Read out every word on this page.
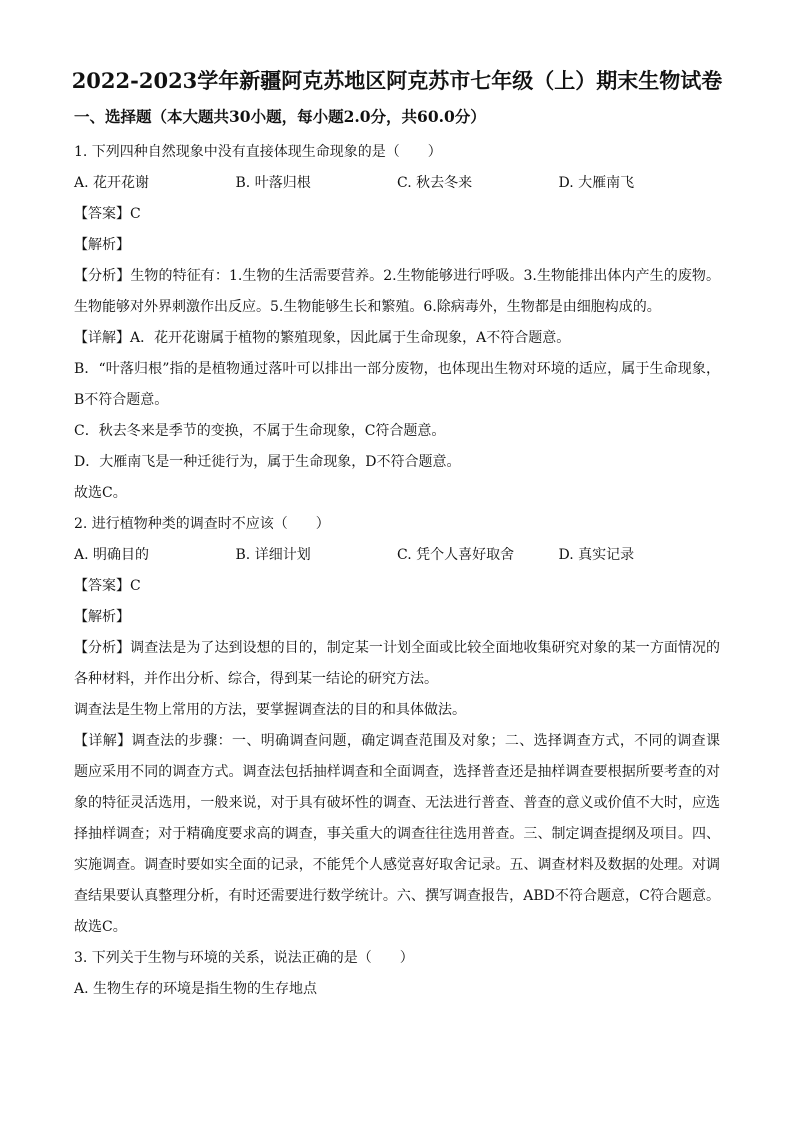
2022-2023学年新疆阿克苏地区阿克苏市七年级（上）期末生物试卷
一、选择题（本大题共30小题，每小题2.0分，共60.0分）
1. 下列四种自然现象中没有直接体现生命现象的是（　　）
A. 花开花谢	B. 叶落归根	C. 秋去冬来	D. 大雁南飞
【答案】C
【解析】
【分析】生物的特征有：1.生物的生活需要营养。2.生物能够进行呼吸。3.生物能排出体内产生的废物。
生物能够对外界刺激作出反应。5.生物能够生长和繁殖。6.除病毒外，生物都是由细胞构成的。
【详解】A．花开花谢属于植物的繁殖现象，因此属于生命现象，A不符合题意。
B．“叶落归根”指的是植物通过落叶可以排出一部分废物，也体现出生物对环境的适应，属于生命现象，
B不符合题意。
C．秋去冬来是季节的变换，不属于生命现象，C符合题意。
D．大雁南飞是一种迁徙行为，属于生命现象，D不符合题意。
故选C。
2. 进行植物种类的调查时不应该（　　）
A. 明确目的	B. 详细计划	C. 凭个人喜好取舍	D. 真实记录
【答案】C
【解析】
【分析】调查法是为了达到设想的目的，制定某一计划全面或比较全面地收集研究对象的某一方面情况的
各种材料，并作出分析、综合，得到某一结论的研究方法。
调查法是生物上常用的方法，要掌握调查法的目的和具体做法。
【详解】调查法的步骤：一、明确调查问题，确定调查范围及对象；二、选择调查方式，不同的调查课
题应采用不同的调查方式。调查法包括抽样调查和全面调查，选择普查还是抽样调查要根据所要考查的对
象的特征灵活选用，一般来说，对于具有破坏性的调查、无法进行普查、普查的意义或价值不大时，应选
择抽样调查；对于精确度要求高的调查，事关重大的调查往往选用普查。三、制定调查提纲及项目。四、
实施调查。调查时要如实全面的记录，不能凭个人感觉喜好取舍记录。五、调查材料及数据的处理。对调
查结果要认真整理分析，有时还需要进行数学统计。六、撰写调查报告，ABD不符合题意，C符合题意。
故选C。
3. 下列关于生物与环境的关系，说法正确的是（　　）
A. 生物生存的环境是指生物的生存地点
